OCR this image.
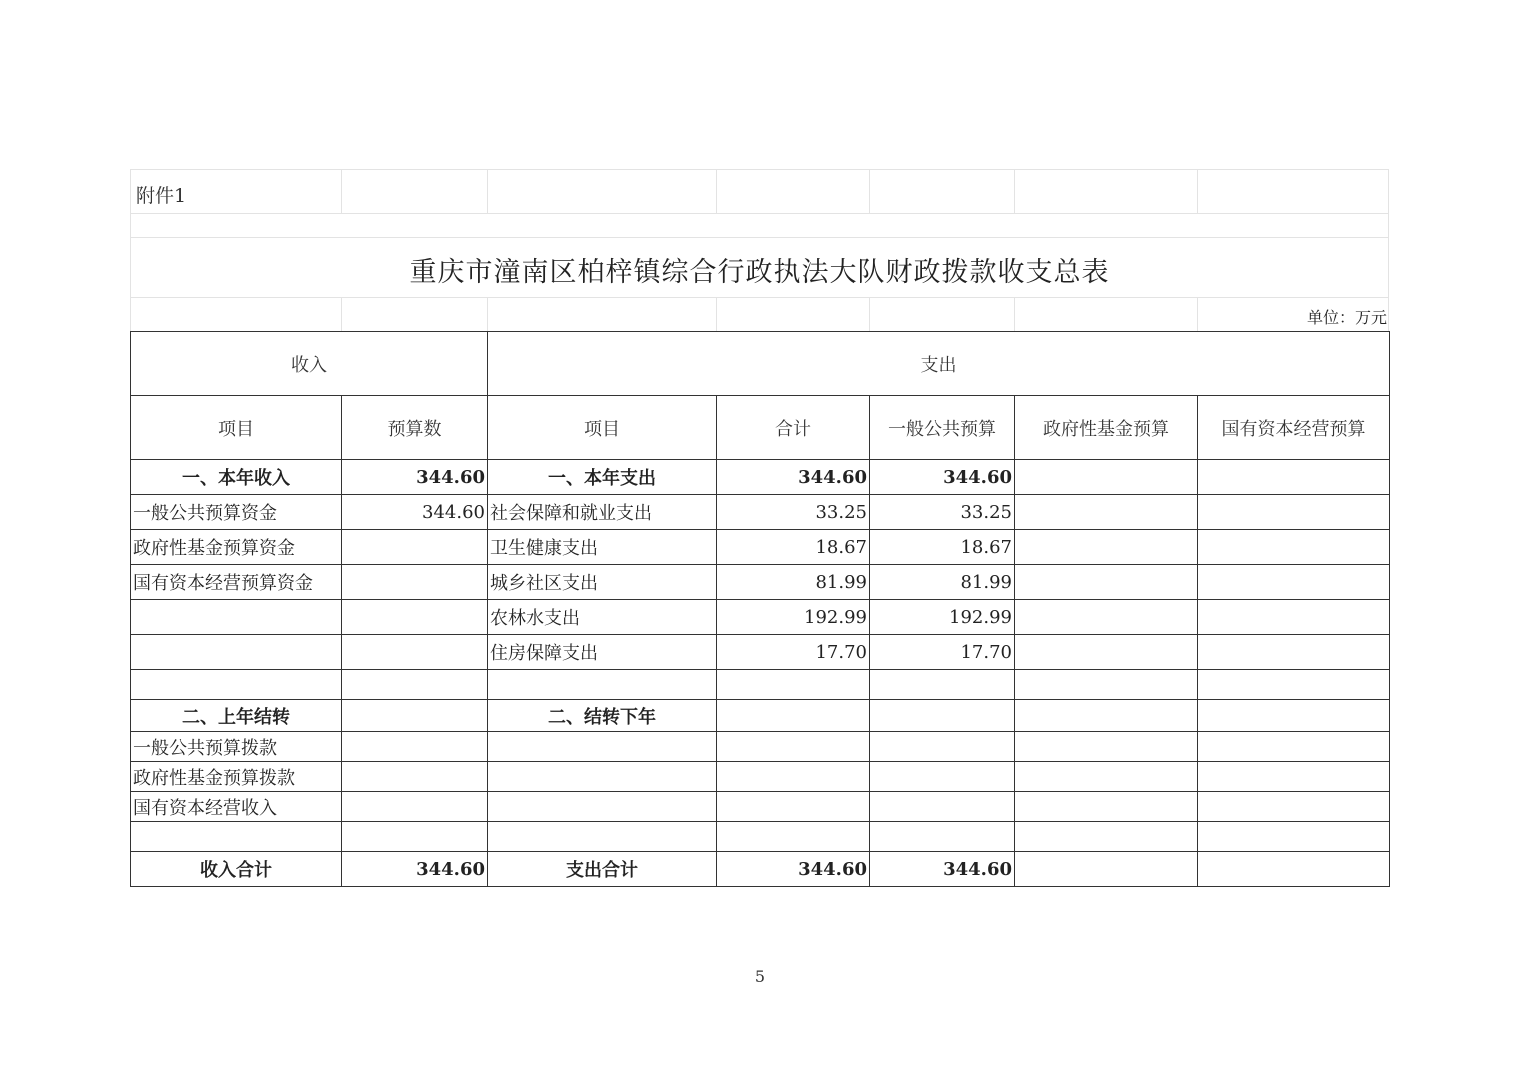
附件1
重庆市潼南区柏梓镇综合行政执法大队财政拨款收支总表
单位：万元
收入		支出				
项目	预算数	项目	合计	一般公共预算	政府性基金预算	国有资本经营预算
一、本年收入	344.60	一、本年支出	344.60	344.60		
一般公共预算资金	344.60	社会保障和就业支出	33.25	33.25		
政府性基金预算资金		卫生健康支出	18.67	18.67		
国有资本经营预算资金		城乡社区支出	81.99	81.99		
		农林水支出	192.99	192.99		
		住房保障支出	17.70	17.70		

二、上年结转		二、结转下年				
一般公共预算拨款						
政府性基金预算拨款						
国有资本经营收入						

收入合计	344.60	支出合计	344.60	344.60		
5
